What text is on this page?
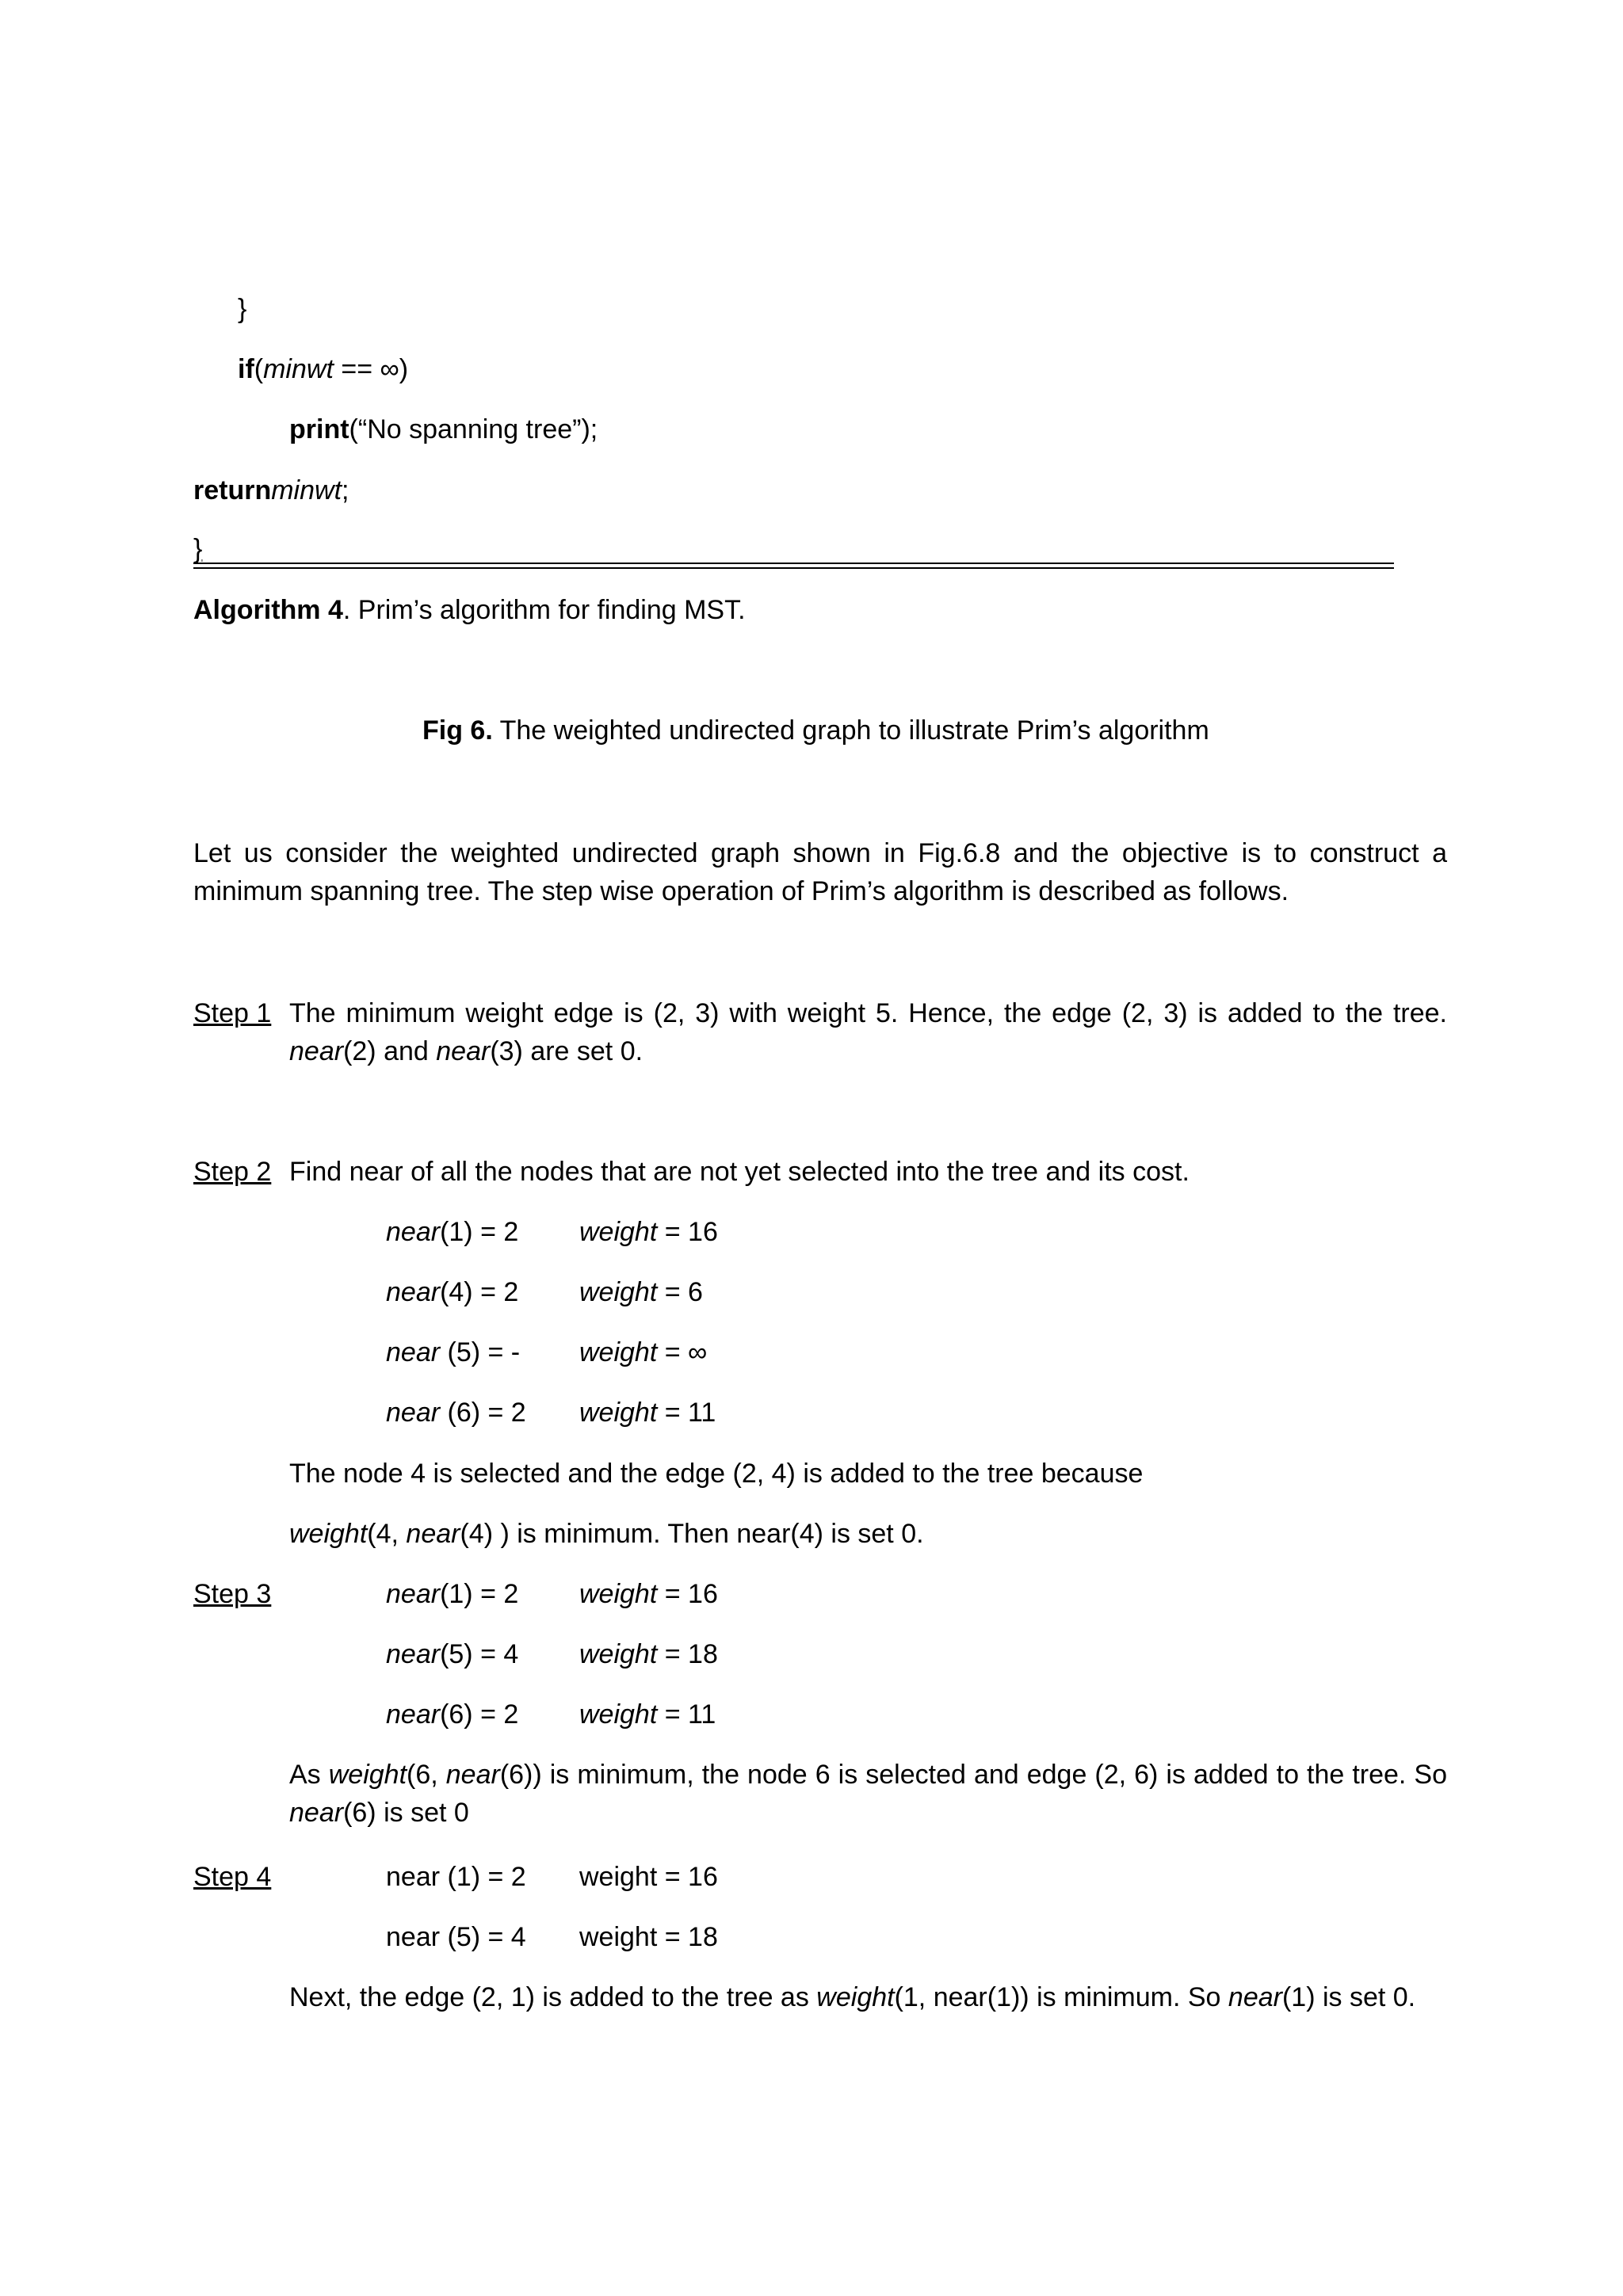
}
if(minwt == ∞)
print(“No spanning tree”);
returnminwt;
}
Algorithm 4. Prim’s algorithm for finding MST.
Fig 6. The weighted undirected graph to illustrate Prim’s algorithm
Let us consider the weighted undirected graph shown in Fig.6.8 and the objective is to construct a minimum spanning tree. The step wise operation of Prim’s algorithm is described as follows.
Step 1 The minimum weight edge is (2, 3) with weight 5. Hence, the edge (2, 3) is added to the tree. near(2) and near(3) are set 0.
Step 2 Find near of all the nodes that are not yet selected into the tree and its cost.
near(1) = 2 weight = 16
near(4) = 2 weight = 6
near (5) = - weight = ∞
near (6) = 2 weight = 11
The node 4 is selected and the edge (2, 4) is added to the tree because
weight(4, near(4) ) is minimum. Then near(4) is set 0.
Step 3	near(1) = 2 weight = 16
near(5) = 4 weight = 18
near(6) = 2 weight = 11
As weight(6, near(6)) is minimum, the node 6 is selected and edge (2, 6) is added to the tree. So near(6) is set 0
Step 4	near (1) = 2 weight = 16
near (5) = 4 weight = 18
Next, the edge (2, 1) is added to the tree as weight(1, near(1)) is minimum. So near(1) is set 0.
